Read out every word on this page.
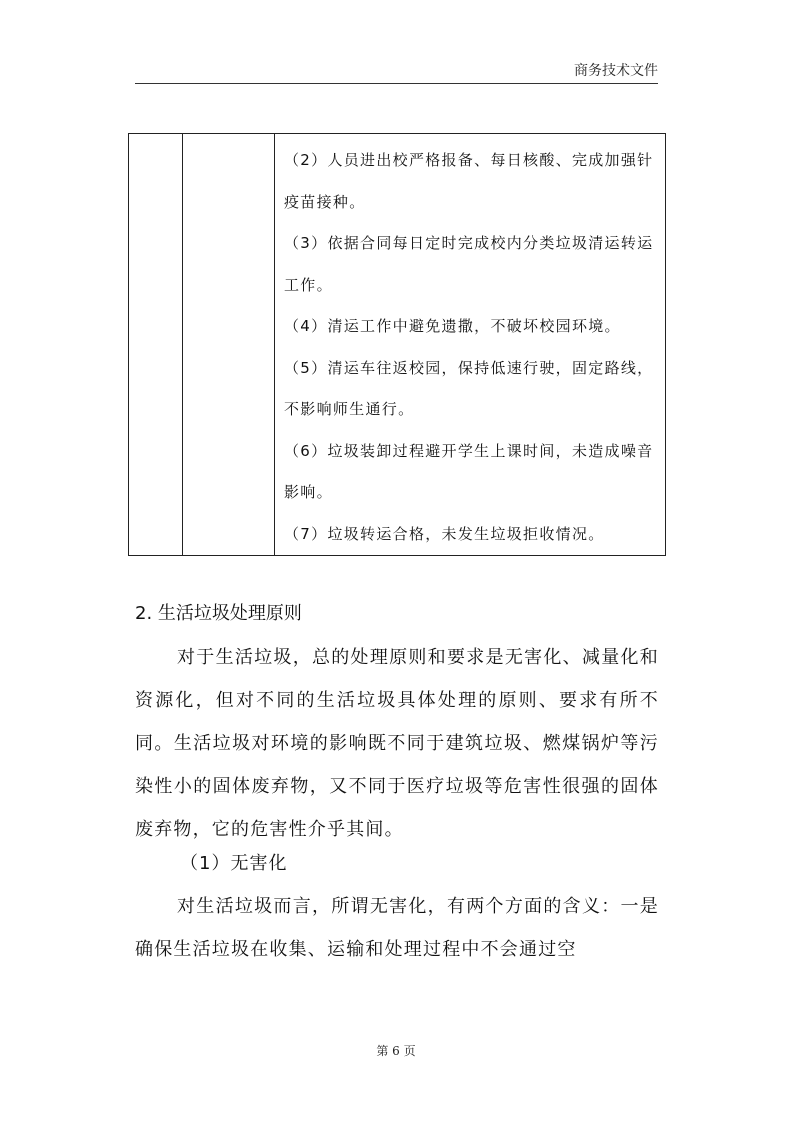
商务技术文件

（2）人员进出校严格报备、每日核酸、完成加强针疫苗接种。

（3）依据合同每日定时完成校内分类垃圾清运转运工作。

（4）清运工作中避免遗撒，不破坏校园环境。

（5）清运车往返校园，保持低速行驶，固定路线，不影响师生通行。

（6）垃圾装卸过程避开学生上课时间，未造成噪音影响。

（7）垃圾转运合格，未发生垃圾拒收情况。

2. 生活垃圾处理原则

对于生活垃圾，总的处理原则和要求是无害化、减量化和资源化，但对不同的生活垃圾具体处理的原则、要求有所不同。生活垃圾对环境的影响既不同于建筑垃圾、燃煤锅炉等污染性小的固体废弃物，又不同于医疗垃圾等危害性很强的固体废弃物，它的危害性介乎其间。

（1）无害化

对生活垃圾而言，所谓无害化，有两个方面的含义：一是确保生活垃圾在收集、运输和处理过程中不会通过空

第 6 页
